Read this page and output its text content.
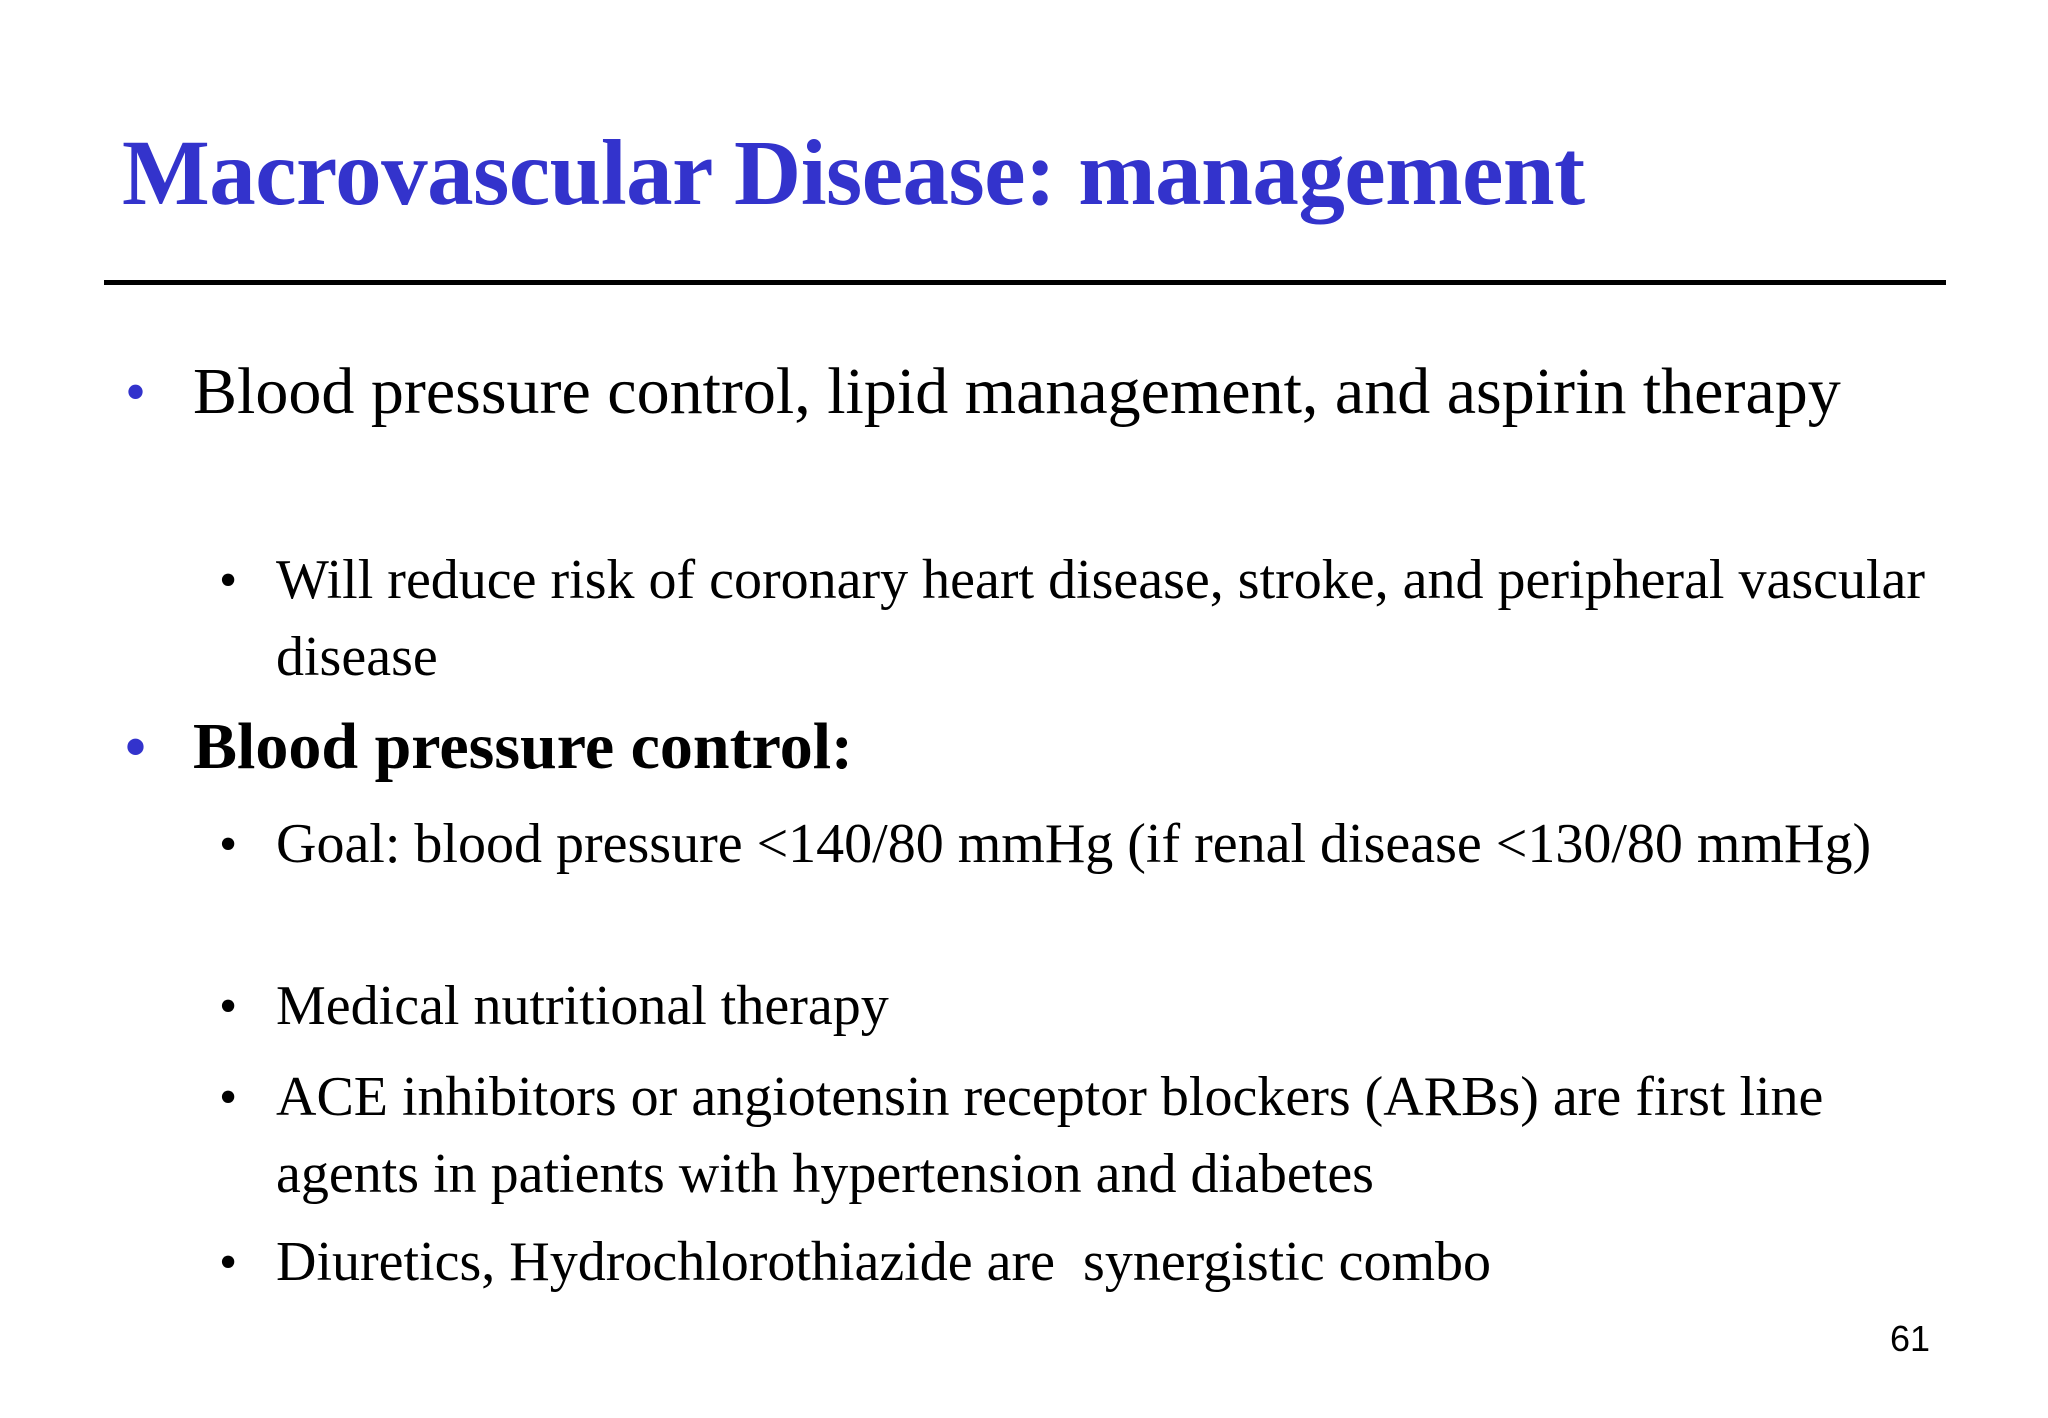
Macrovascular Disease: management
• Blood pressure control, lipid management, and aspirin therapy
• Will reduce risk of coronary heart disease, stroke, and peripheral vascular disease
• Blood pressure control:
• Goal: blood pressure <140/80 mmHg (if renal disease <130/80 mmHg)
• Medical nutritional therapy
• ACE inhibitors or angiotensin receptor blockers (ARBs) are first line agents in patients with hypertension and diabetes
• Diuretics, Hydrochlorothiazide are  synergistic combo
61
